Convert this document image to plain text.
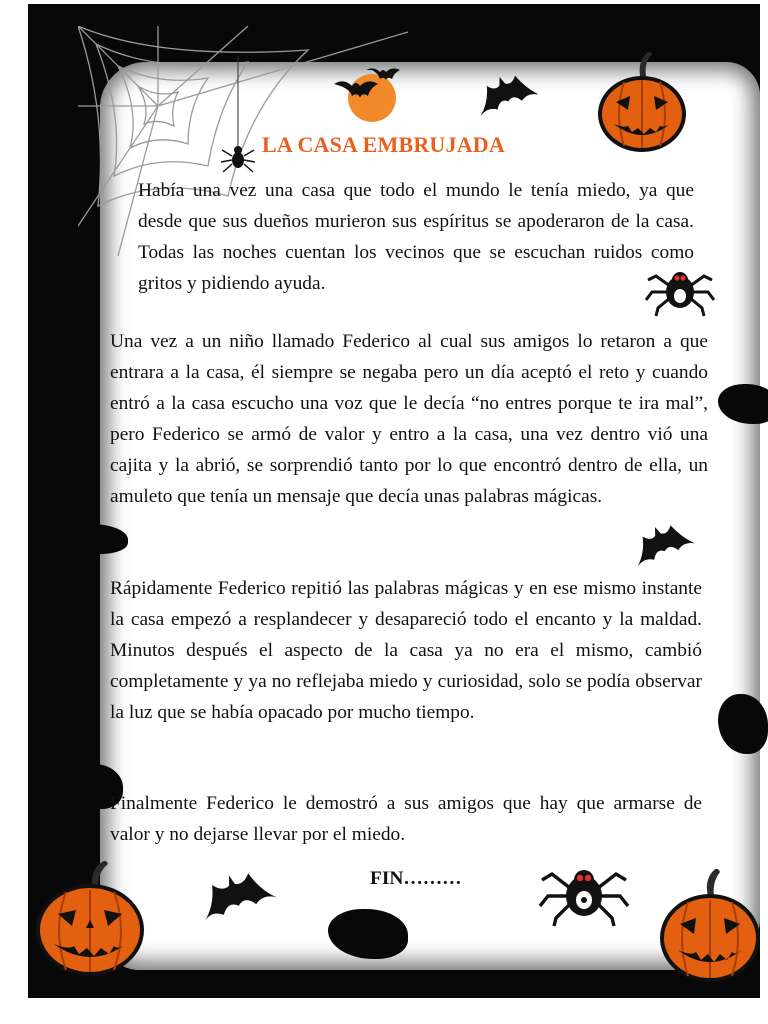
LA CASA EMBRUJADA

Había una vez una casa que todo el mundo le tenía miedo, ya que desde que sus dueños murieron sus espíritus se apoderaron de la casa. Todas las noches cuentan los vecinos que se escuchan ruidos como gritos y pidiendo ayuda.

Una vez a un niño llamado Federico al cual sus amigos lo retaron a que entrara a la casa, él siempre se negaba pero un día aceptó el reto y cuando entró a la casa escucho una voz que le decía “no entres porque te ira mal”, pero Federico se armó de valor y entro a la casa, una vez dentro vió una cajita y la abrió, se sorprendió tanto por lo que encontró dentro de ella, un amuleto que tenía un mensaje que decía unas palabras mágicas.

Rápidamente Federico repitió las palabras mágicas y en ese mismo instante la casa empezó a resplandecer y desapareció todo el encanto y la maldad. Minutos después el aspecto de la casa ya no era el mismo, cambió completamente y ya no reflejaba miedo y curiosidad, solo se podía observar la luz que se había opacado por mucho tiempo.

Finalmente Federico le demostró a sus amigos que hay que armarse de valor y no dejarse llevar por el miedo.

FIN………
